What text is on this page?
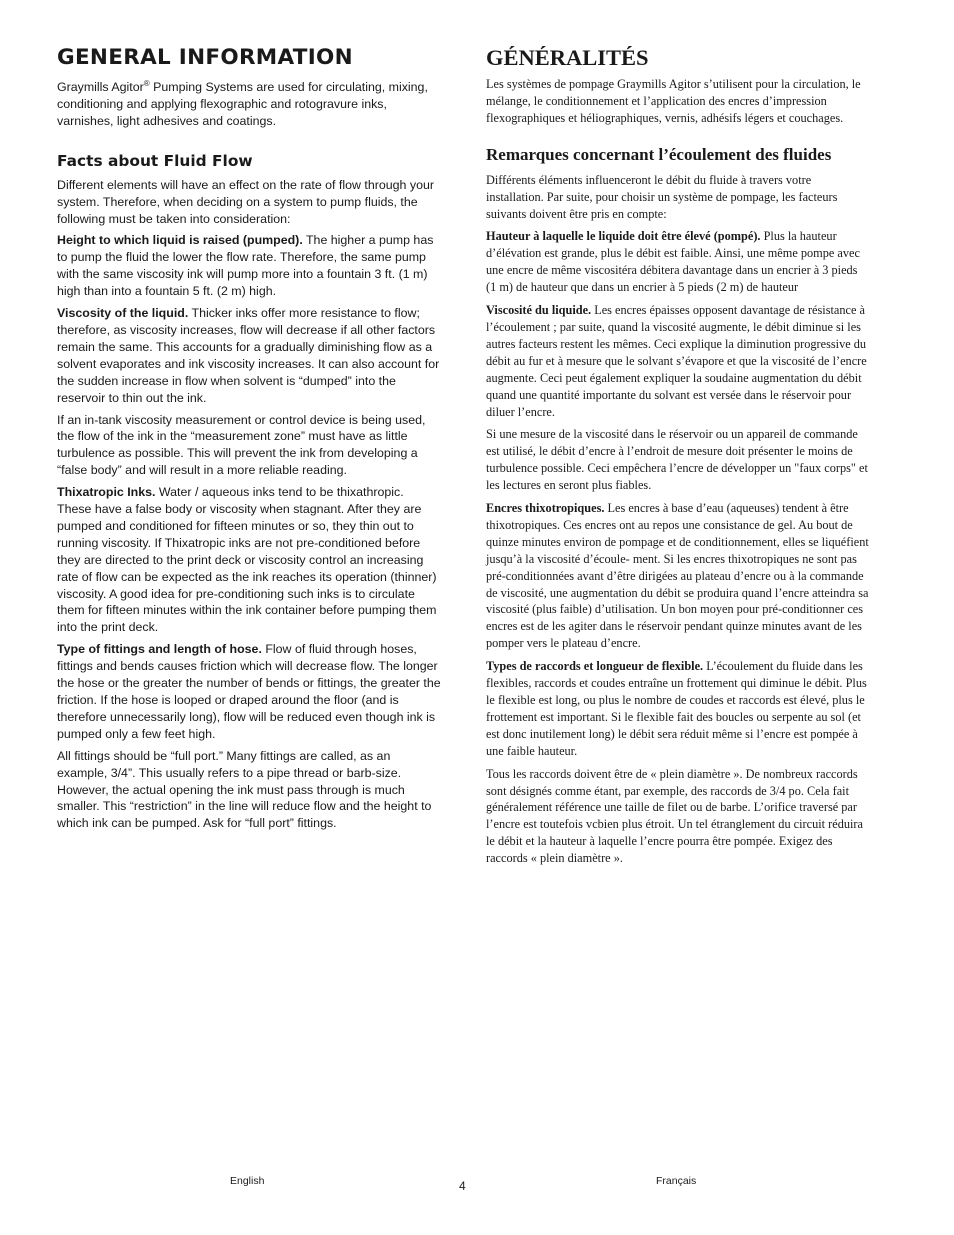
GENERAL INFORMATION

Graymills Agitor® Pumping Systems are used for circulating, mixing, conditioning and applying flexographic and rotogravure inks, varnishes, light adhesives and coatings.

Facts about Fluid Flow

Different elements will have an effect on the rate of flow through your system. Therefore, when deciding on a system to pump fluids, the following must be taken into consideration:

Height to which liquid is raised (pumped). The higher a pump has to pump the fluid the lower the flow rate. Therefore, the same pump with the same viscosity ink will pump more into a fountain 3 ft. (1 m) high than into a fountain 5 ft. (2 m) high.

Viscosity of the liquid. Thicker inks offer more resistance to flow; therefore, as viscosity increases, flow will decrease if all other factors remain the same. This accounts for a gradually diminishing flow as a solvent evaporates and ink viscosity increases. It can also account for the sudden increase in flow when solvent is “dumped” into the reservoir to thin out the ink.

If an in-tank viscosity measurement or control device is being used, the flow of the ink in the “measurement zone” must have as little turbulence as possible. This will prevent the ink from developing a “false body” and will result in a more reliable reading.

Thixatropic Inks. Water / aqueous inks tend to be thixathropic. These have a false body or viscosity when stagnant. After they are pumped and conditioned for fifteen minutes or so, they thin out to running viscosity. If Thixatropic inks are not pre-conditioned before they are directed to the print deck or viscosity control an increasing rate of flow can be expected as the ink reaches its operation (thinner) viscosity. A good idea for pre-conditioning such inks is to circulate them for fifteen minutes within the ink container before pumping them into the print deck.

Type of fittings and length of hose. Flow of fluid through hoses, fittings and bends causes friction which will decrease flow. The longer the hose or the greater the number of bends or fittings, the greater the friction. If the hose is looped or draped around the floor (and is therefore unnecessarily long), flow will be reduced even though ink is pumped only a few feet high.

All fittings should be “full port.” Many fittings are called, as an example, 3/4”. This usually refers to a pipe thread or barb-size. However, the actual opening the ink must pass through is much smaller. This “restriction” in the line will reduce flow and the height to which ink can be pumped. Ask for “full port” fittings.

GÉNÉRALITÉS

Les systèmes de pompage Graymills Agitor s’utilisent pour la circulation, le mélange, le conditionnement et l’application des encres d’impression flexographiques et héliographiques, vernis, adhésifs légers et couchages.

Remarques concernant l’écoulement des fluides

Différents éléments influenceront le débit du fluide à travers votre installation. Par suite, pour choisir un système de pompage, les facteurs suivants doivent être pris en compte:

Hauteur à laquelle le liquide doit être élevé (pompé). Plus la hauteur d’élévation est grande, plus le débit est faible. Ainsi, une même pompe avec une encre de même viscositéra débitera davantage dans un encrier à 3 pieds (1 m) de hauteur que dans un encrier à 5 pieds (2 m) de hauteur

Viscosité du liquide. Les encres épaisses opposent davantage de résistance à l’écoulement ; par suite, quand la viscosité augmente, le débit diminue si les autres facteurs restent les mêmes. Ceci explique la diminution progressive du débit au fur et à mesure que le solvant s’évapore et que la viscosité de l’encre augmente. Ceci peut également expliquer la soudaine augmentation du débit quand une quantité importante du solvant est versée dans le réservoir pour diluer l’encre.

Si une mesure de la viscosité dans le réservoir ou un appareil de commande est utilisé, le débit d’encre à l’endroit de mesure doit présenter le moins de turbulence possible. Ceci empêchera l’encre de développer un "faux corps" et les lectures en seront plus fiables.

Encres thixotropiques. Les encres à base d’eau (aqueuses) tendent à être thixotropiques. Ces encres ont au repos une consistance de gel. Au bout de quinze minutes environ de pompage et de conditionnement, elles se liquéfient jusqu’à la viscosité d’écoule- ment. Si les encres thixotropiques ne sont pas pré-conditionnées avant d’être dirigées au plateau d’encre ou à la commande de viscosité, une augmentation du débit se produira quand l’encre atteindra sa viscosité (plus faible) d’utilisation. Un bon moyen pour pré-conditionner ces encres est de les agiter dans le réservoir pendant quinze minutes avant de les pomper vers le plateau d’encre.

Types de raccords et longueur de flexible. L’écoulement du fluide dans les flexibles, raccords et coudes entraîne un frottement qui diminue le débit. Plus le flexible est long, ou plus le nombre de coudes et raccords est élevé, plus le frottement est important. Si le flexible fait des boucles ou serpente au sol (et est donc inutilement long) le débit sera réduit même si l’encre est pompée à une faible hauteur.

Tous les raccords doivent être de « plein diamètre ». De nombreux raccords sont désignés comme étant, par exemple, des raccords de 3/4 po. Cela fait généralement référence une taille de filet ou de barbe. L’orifice traversé par l’encre est toutefois vcbien plus étroit. Un tel étranglement du circuit réduira le débit et la hauteur à laquelle l’encre pourra être pompée. Exigez des raccords « plein diamètre ».

English	4	Français
